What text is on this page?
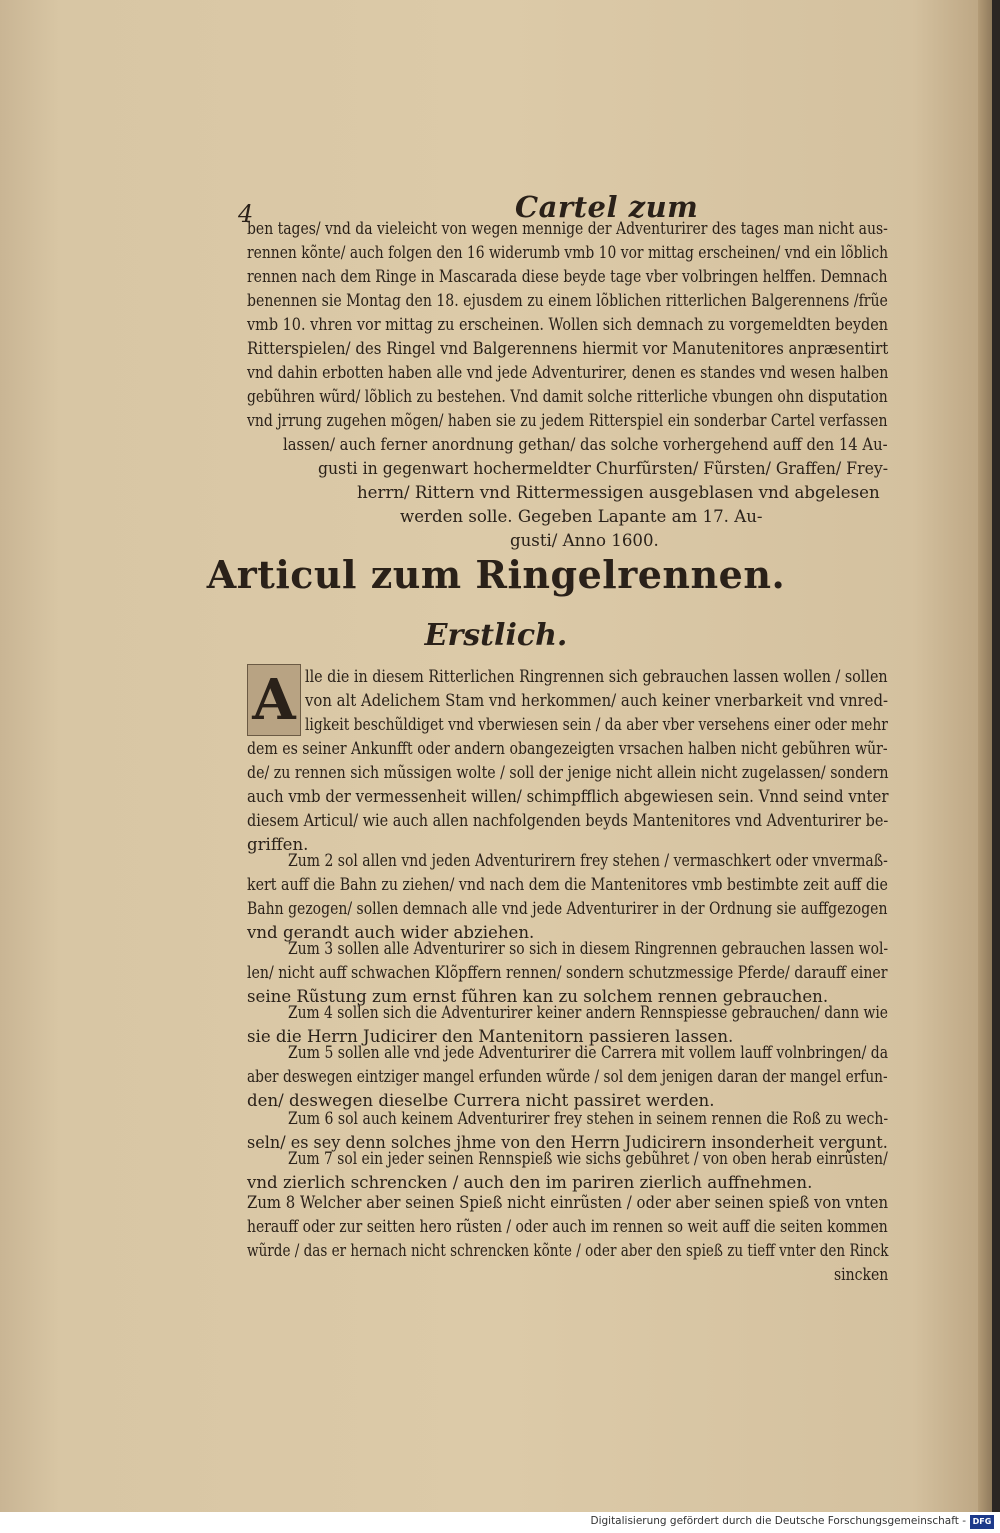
4	Cartel zum
ben tages/ vnd da vieleicht von wegen mennige der Adventurirer des tages man nicht aus-
rennen kõnte/ auch folgen den 16 widerumb vmb 10 vor mittag erscheinen/ vnd ein lõblich
rennen nach dem Ringe in Mascarada diese beyde tage vber volbringen helffen. Demnach
benennen sie Montag den 18. ejusdem zu einem lõblichen ritterlichen Balgerennens /frũe
vmb 10. vhren vor mittag zu erscheinen. Wollen sich demnach zu vorgemeldten beyden
Ritterspielen/ des Ringel vnd Balgerennens hiermit vor Manutenitores anpræsentirt
vnd dahin erbotten haben alle vnd jede Adventurirer, denen es standes vnd wesen halben
gebũhren wũrd/ lõblich zu bestehen. Vnd damit solche ritterliche vbungen ohn disputation
vnd jrrung zugehen mõgen/ haben sie zu jedem Ritterspiel ein sonderbar Cartel verfassen
lassen/ auch ferner anordnung gethan/ das solche vorhergehend auff den 14 Au-
gusti in gegenwart hochermeldter Churfũrsten/ Fũrsten/ Graffen/ Frey-
herrn/ Rittern vnd Rittermessigen ausgeblasen vnd abgelesen
werden solle. Gegeben Lapante am 17. Au-
gusti/ Anno 1600.
Articul zum Ringelrennen.
Erstlich.
A lle die in diesem Ritterlichen Ringrennen sich gebrauchen lassen wollen / sollen
von alt Adelichem Stam vnd herkommen/ auch keiner vnerbarkeit vnd vnred-
ligkeit beschũldiget vnd vberwiesen sein / da aber vber versehens einer oder mehr
dem es seiner Ankunfft oder andern obangezeigten vrsachen halben nicht gebũhren wũr-
de/ zu rennen sich mũssigen wolte / soll der jenige nicht allein nicht zugelassen/ sondern
auch vmb der vermessenheit willen/ schimpfflich abgewiesen sein. Vnnd seind vnter
diesem Articul/ wie auch allen nachfolgenden beyds Mantenitores vnd Adventurirer be-
griffen.
Zum 2 sol allen vnd jeden Adventurirern frey stehen / vermaschkert oder vnvermaß-
kert auff die Bahn zu ziehen/ vnd nach dem die Mantenitores vmb bestimbte zeit auff die
Bahn gezogen/ sollen demnach alle vnd jede Adventurirer in der Ordnung sie auffgezogen
vnd gerandt auch wider abziehen.
Zum 3 sollen alle Adventurirer so sich in diesem Ringrennen gebrauchen lassen wol-
len/ nicht auff schwachen Klõpffern rennen/ sondern schutzmessige Pferde/ darauff einer
seine Rũstung zum ernst fũhren kan zu solchem rennen gebrauchen.
Zum 4 sollen sich die Adventurirer keiner andern Rennspiesse gebrauchen/ dann wie
sie die Herrn Judicirer den Mantenitorn passieren lassen.
Zum 5 sollen alle vnd jede Adventurirer die Carrera mit vollem lauff volnbringen/ da
aber deswegen eintziger mangel erfunden wũrde / sol dem jenigen daran der mangel erfun-
den/ deswegen dieselbe Currera nicht passiret werden.
Zum 6 sol auch keinem Adventurirer frey stehen in seinem rennen die Roß zu wech-
seln/ es sey denn solches jhme von den Herrn Judicirern insonderheit vergunt.
Zum 7 sol ein jeder seinen Rennspieß wie sichs gebũhret / von oben herab einrũsten/
vnd zierlich schrencken / auch den im pariren zierlich auffnehmen.
Zum 8 Welcher aber seinen Spieß nicht einrũsten / oder aber seinen spieß von vnten
herauff oder zur seitten hero rũsten / oder auch im rennen so weit auff die seiten kommen
wũrde / das er hernach nicht schrencken kõnte / oder aber den spieß zu tieff vnter den Rinck
sincken
Digitalisierung gefördert durch die Deutsche Forschungsgemeinschaft - DFG
